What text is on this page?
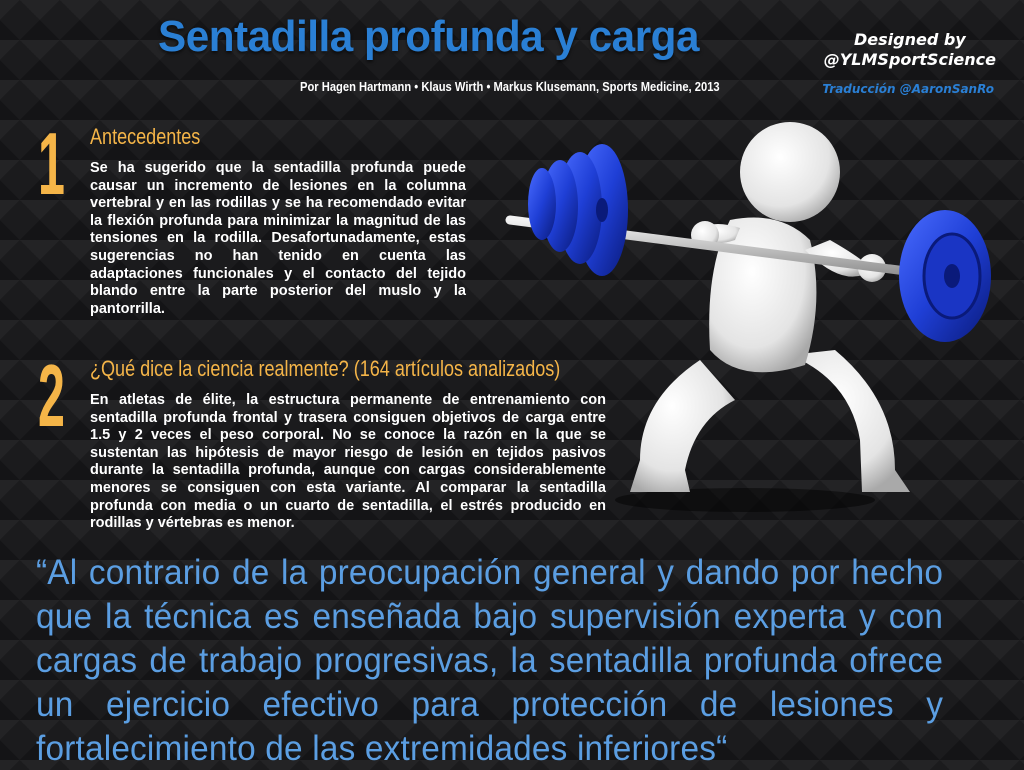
Sentadilla profunda y carga
Por Hagen Hartmann • Klaus Wirth • Markus Klusemann, Sports Medicine, 2013
Designed by
@YLMSportScience
Traducción @AaronSanRo
1 Antecedentes
Se ha sugerido que la sentadilla profunda puede causar un incremento de lesiones en la columna vertebral y en las rodillas y se ha recomendado evitar la flexión profunda para minimizar la magnitud de las tensiones en la rodilla. Desafortunadamente, estas sugerencias no han tenido en cuenta las adaptaciones funcionales y el contacto del tejido blando entre la parte posterior del muslo y la pantorrilla.
2 ¿Qué dice la ciencia realmente? (164 artículos analizados)
En atletas de élite, la estructura permanente de entrenamiento con sentadilla profunda frontal y trasera consiguen objetivos de carga entre 1.5 y 2 veces el peso corporal. No se conoce la razón en la que se sustentan las hipótesis de mayor riesgo de lesión en tejidos pasivos durante la sentadilla profunda, aunque con cargas considerablemente menores se consiguen con esta variante. Al comparar la sentadilla profunda con media o un cuarto de sentadilla, el estrés producido en rodillas y vértebras es menor.
“Al contrario de la preocupación general y dando por hecho que la técnica es enseñada bajo supervisión experta y con cargas de trabajo progresivas, la sentadilla profunda ofrece un ejercicio efectivo para protección de lesiones y fortalecimiento de las extremidades inferiores“
